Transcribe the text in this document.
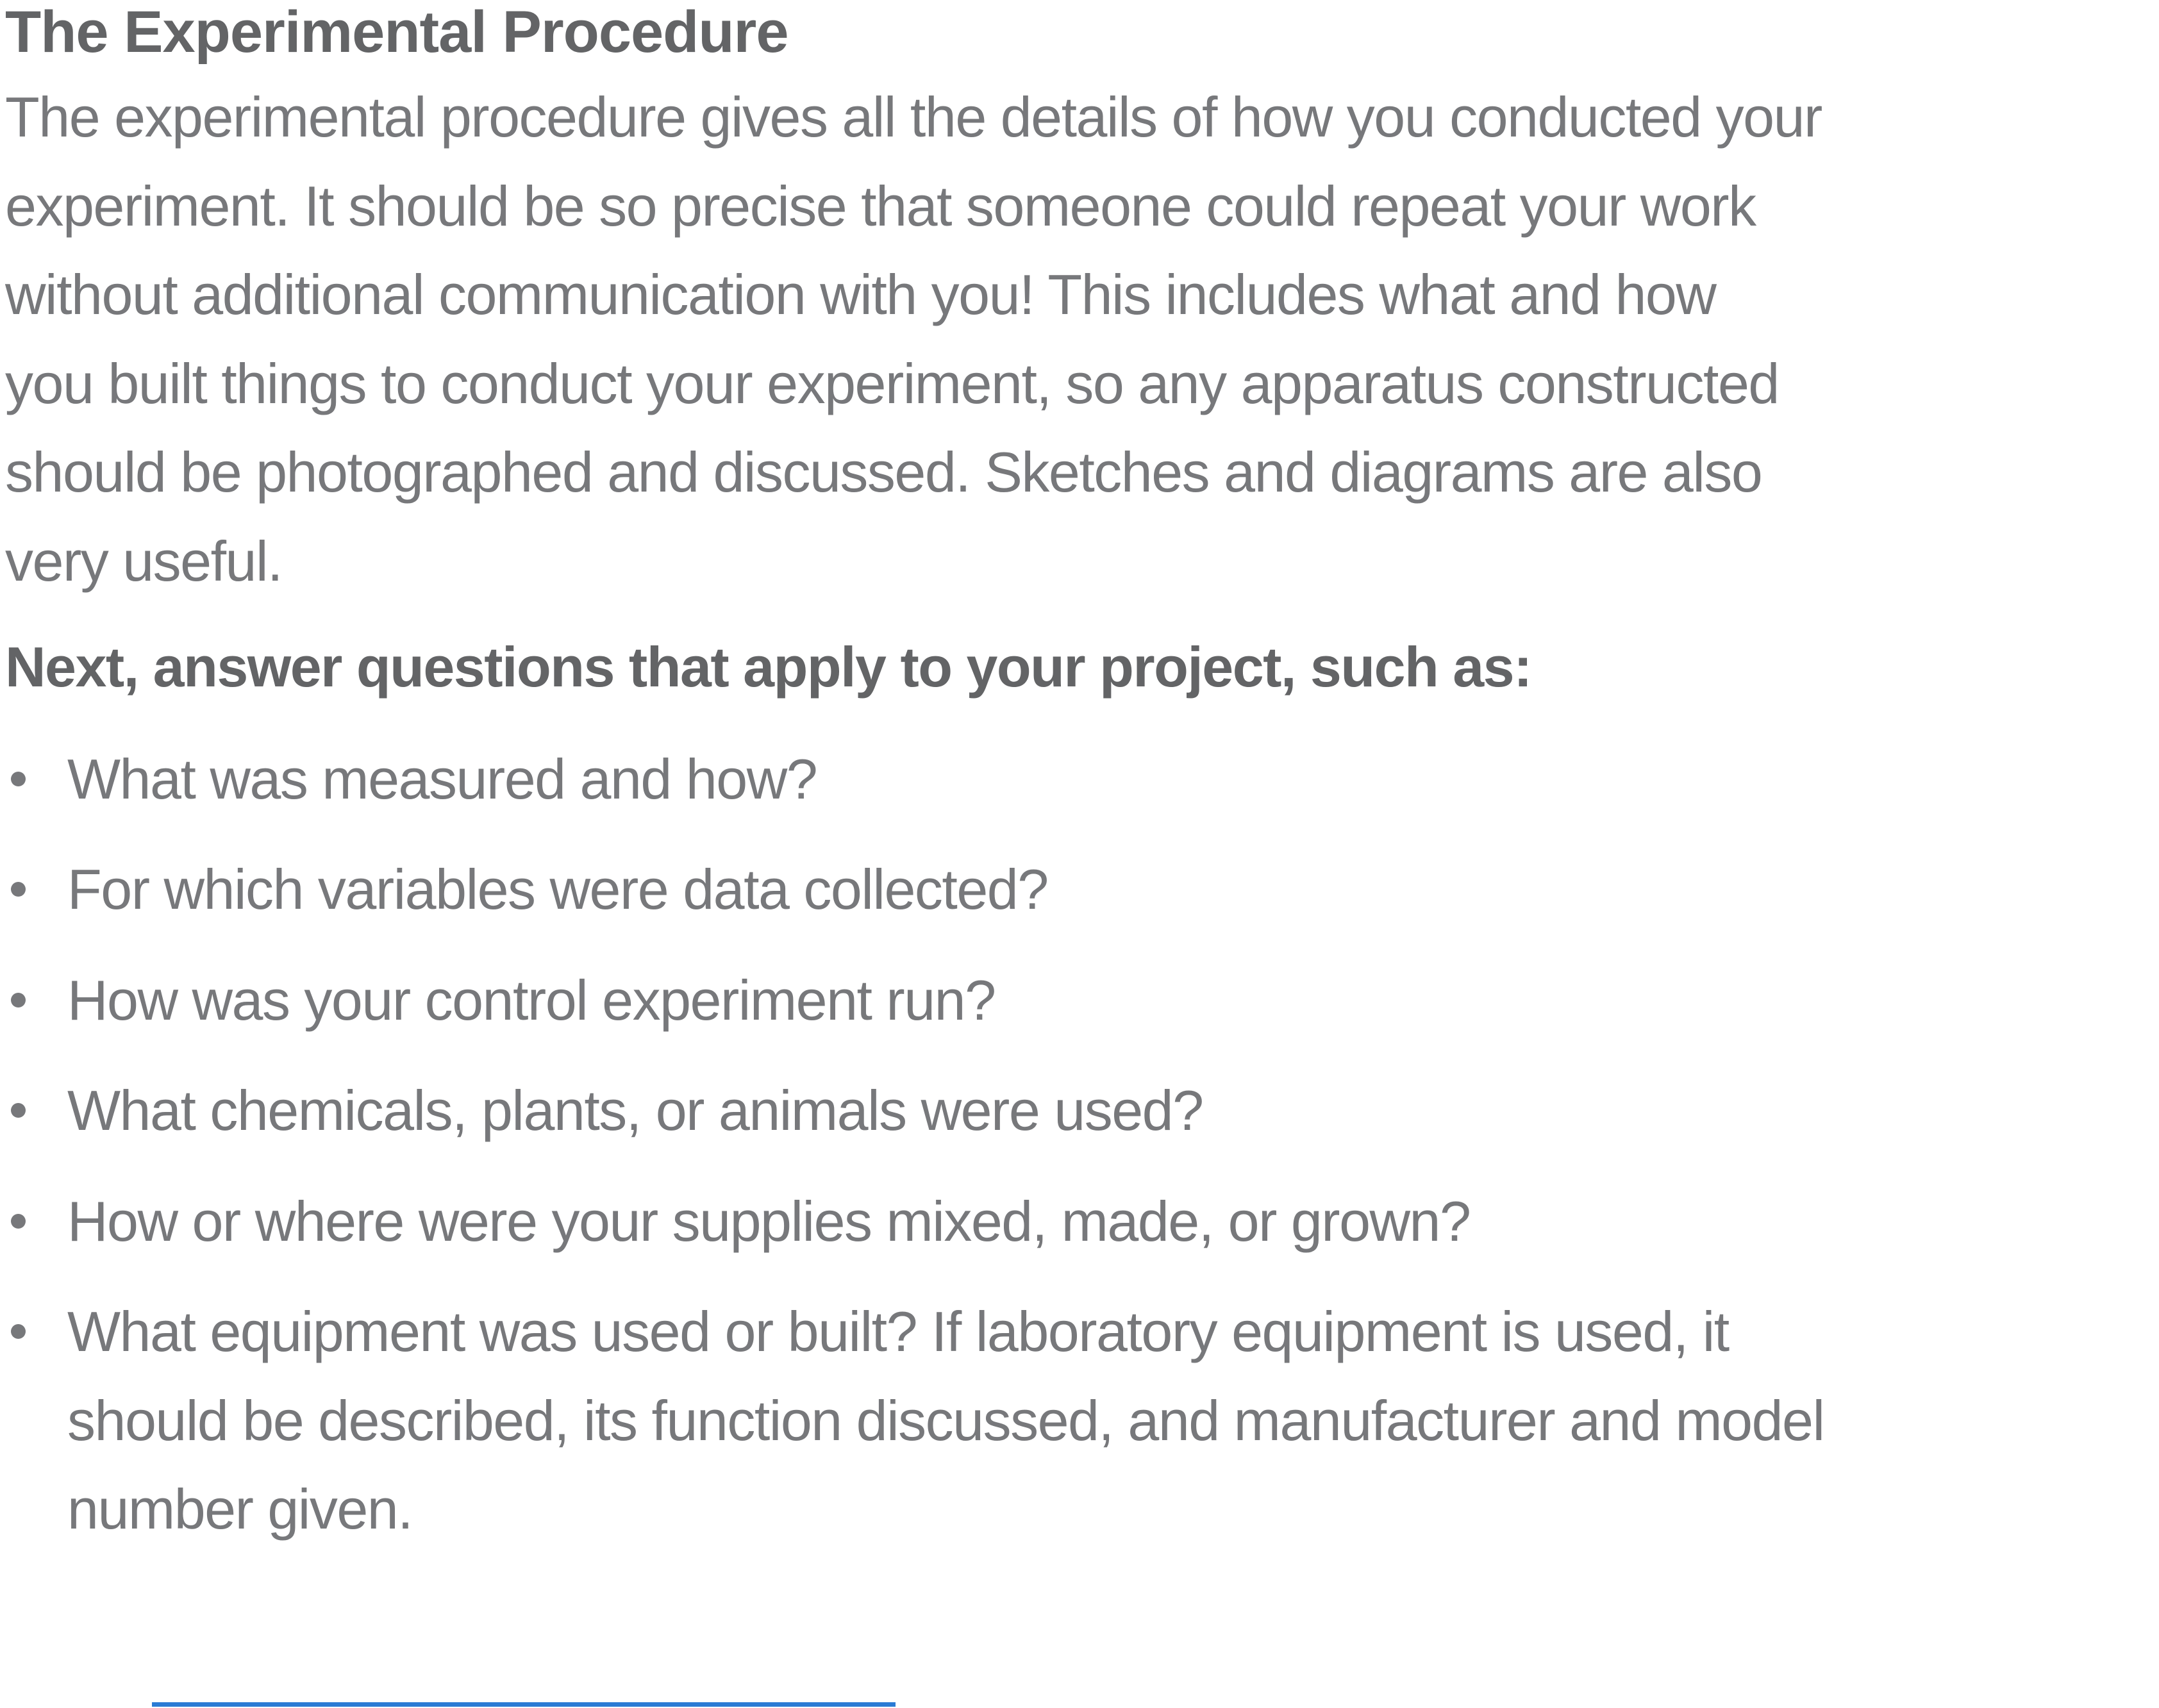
The Experimental Procedure
The experimental procedure gives all the details of how you conducted your
experiment. It should be so precise that someone could repeat your work
without additional communication with you! This includes what and how
you built things to conduct your experiment, so any apparatus constructed
should be photographed and discussed. Sketches and diagrams are also
very useful.
Next, answer questions that apply to your project, such as:
What was measured and how?
For which variables were data collected?
How was your control experiment run?
What chemicals, plants, or animals were used?
How or where were your supplies mixed, made, or grown?
What equipment was used or built? If laboratory equipment is used, it
should be described, its function discussed, and manufacturer and model
number given.
